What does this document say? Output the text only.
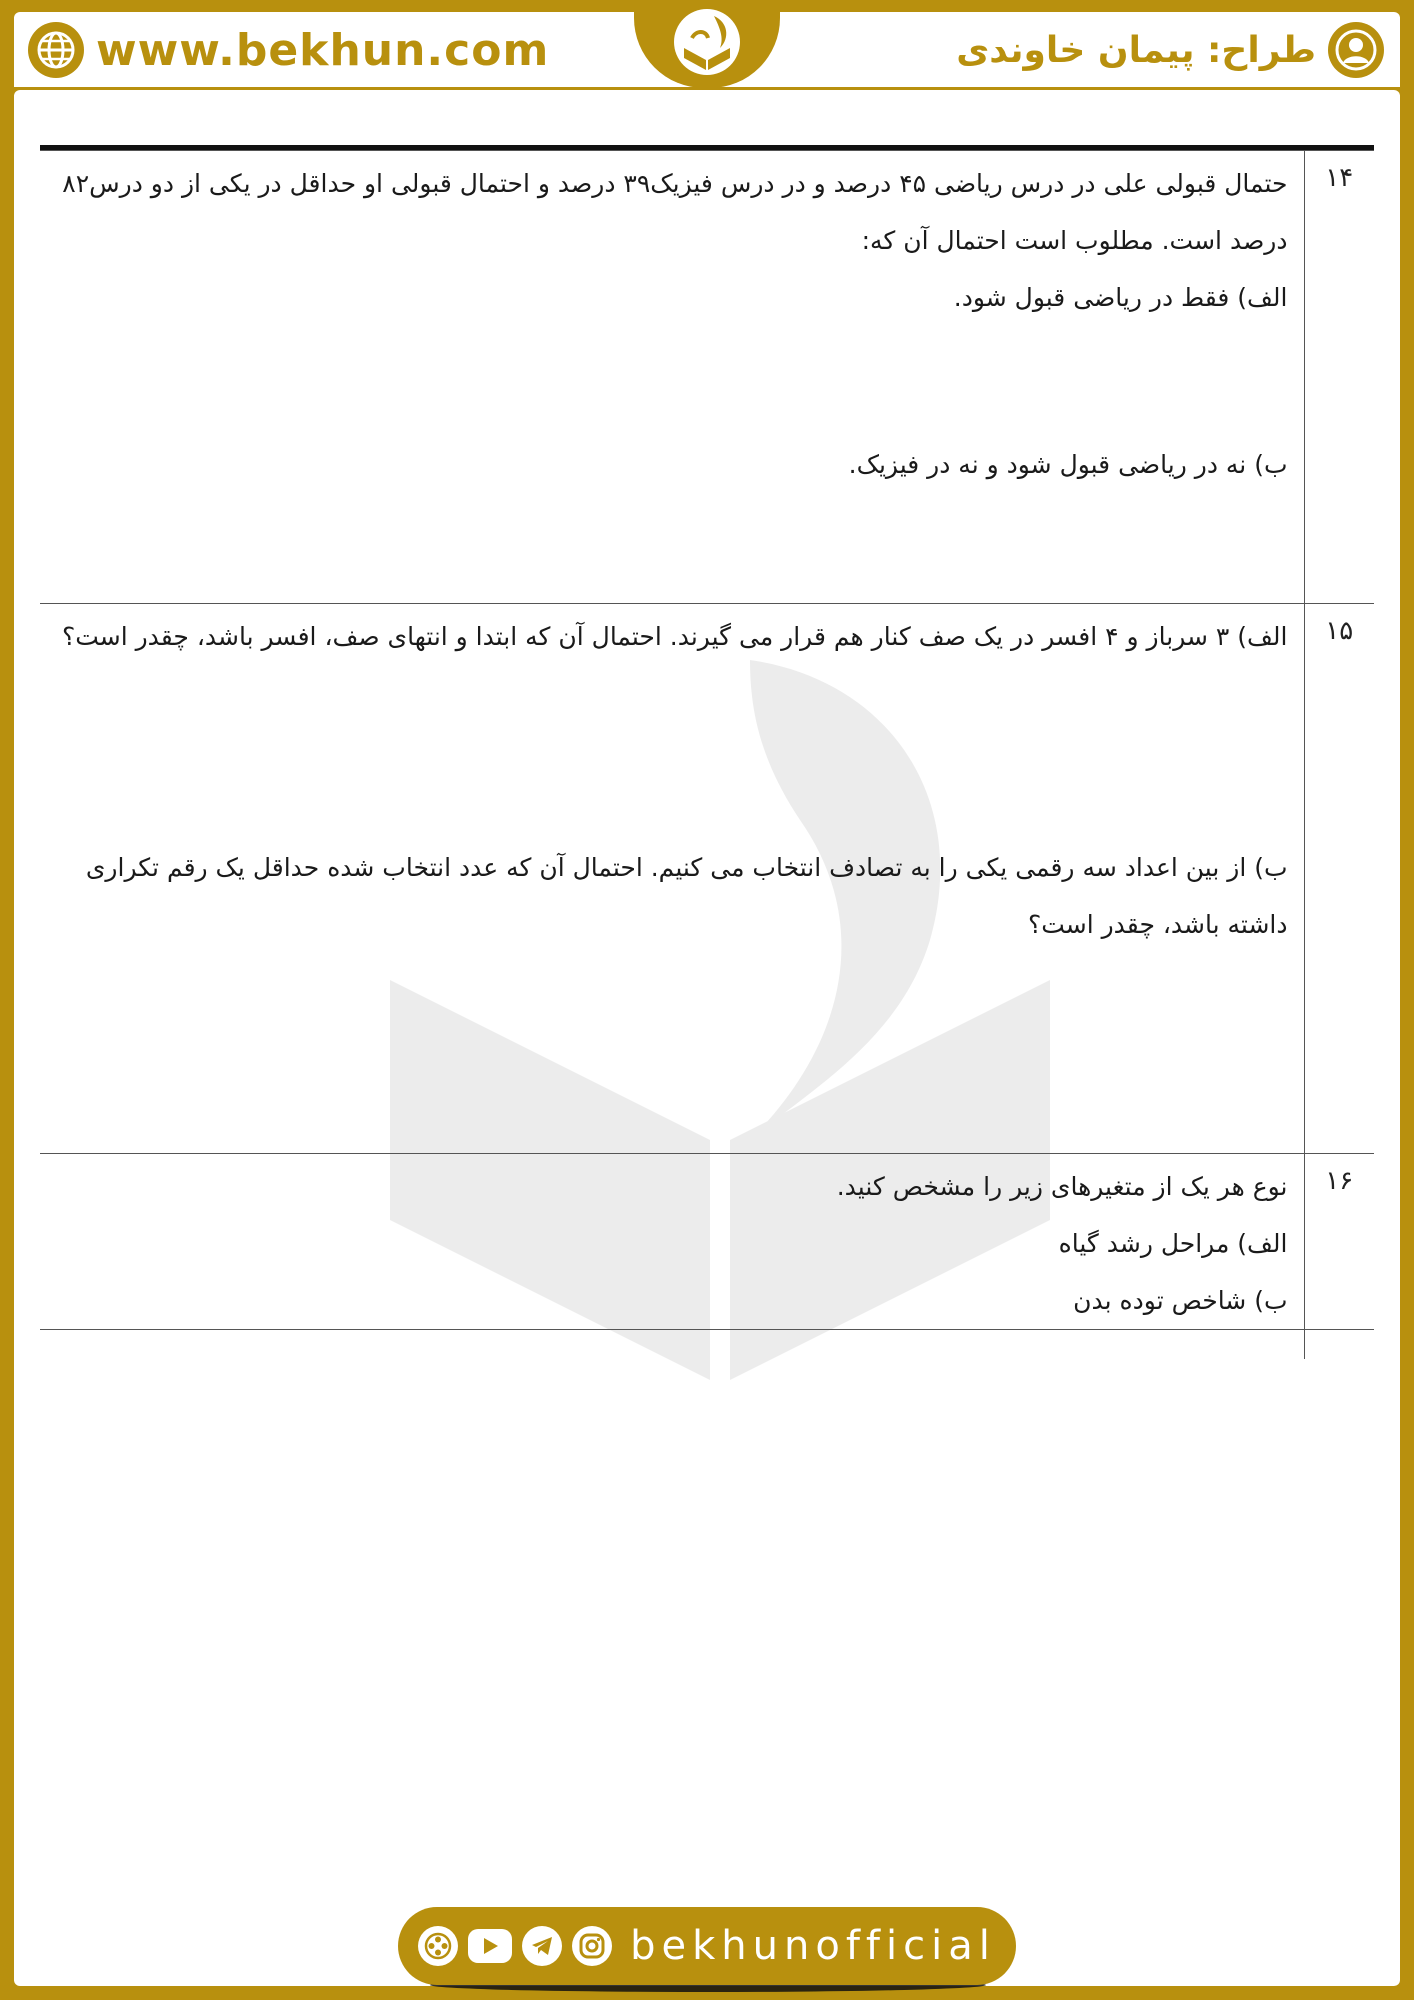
www.bekhun.com	طراح: پیمان خاوندی

۱۴	حتمال قبولی علی در درس ریاضی ۴۵ درصد و در درس فیزیک۳۹ درصد و احتمال قبولی او حداقل در یکی از دو درس۸۲ درصد است. مطلوب است احتمال آن که:

الف) فقط در ریاضی قبول شود.

ب) نه در ریاضی قبول شود و نه در فیزیک.

۱۵	الف) ۳ سرباز و ۴ افسر در یک صف کنار هم قرار می گیرند. احتمال آن که ابتدا و انتهای صف، افسر باشد، چقدر است؟

ب) از بین اعداد سه رقمی یکی را به تصادف انتخاب می کنیم. احتمال آن که عدد انتخاب شده حداقل یک رقم تکراری داشته باشد، چقدر است؟

۱۶	نوع هر یک از متغیرهای زیر را مشخص کنید.

الف) مراحل رشد گیاه

ب) شاخص توده بدن

bekhunofficial
